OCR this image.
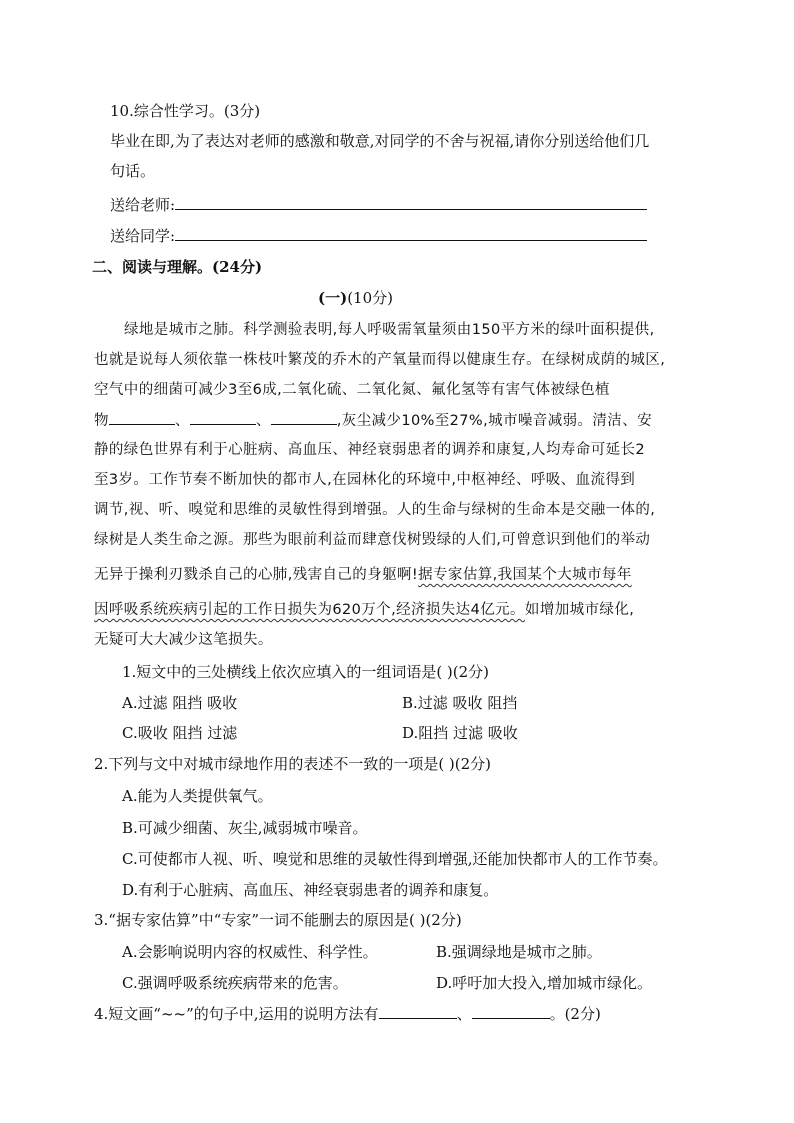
10.综合性学习。(3分)
毕业在即,为了表达对老师的感激和敬意,对同学的不舍与祝福,请你分别送给他们几
句话。
送给老师:
送给同学:
二、阅读与理解。(24分)
(一)(10分)
绿地是城市之肺。科学测验表明,每人呼吸需氧量须由150平方米的绿叶面积提供,
也就是说每人须依靠一株枝叶繁茂的乔木的产氧量而得以健康生存。在绿树成荫的城区,
空气中的细菌可减少3至6成,二氧化硫、二氧化氮、氟化氢等有害气体被绿色植
物	、	、	,灰尘减少10%至27%,城市噪音减弱。清洁、安
静的绿色世界有利于心脏病、高血压、神经衰弱患者的调养和康复,人均寿命可延长2
至3岁。工作节奏不断加快的都市人,在园林化的环境中,中枢神经、呼吸、血流得到
调节,视、听、嗅觉和思维的灵敏性得到增强。人的生命与绿树的生命本是交融一体的,
绿树是人类生命之源。那些为眼前利益而肆意伐树毁绿的人们,可曾意识到他们的举动
无异于操利刃戮杀自己的心肺,残害自己的身躯啊!据专家估算,我国某个大城市每年
因呼吸系统疾病引起的工作日损失为620万个,经济损失达4亿元。如增加城市绿化,
无疑可大大减少这笔损失。
1.短文中的三处横线上依次应填入的一组词语是( )(2分)
A.过滤 阻挡 吸收	B.过滤 吸收 阻挡
C.吸收 阻挡 过滤	D.阻挡 过滤 吸收
2.下列与文中对城市绿地作用的表述不一致的一项是( )(2分)
A.能为人类提供氧气。
B.可减少细菌、灰尘,减弱城市噪音。
C.可使都市人视、听、嗅觉和思维的灵敏性得到增强,还能加快都市人的工作节奏。
D.有利于心脏病、高血压、神经衰弱患者的调养和康复。
3.“据专家估算”中“专家”一词不能删去的原因是( )(2分)
A.会影响说明内容的权威性、科学性。	B.强调绿地是城市之肺。
C.强调呼吸系统疾病带来的危害。	D.呼吁加大投入,增加城市绿化。
4.短文画“~~”的句子中,运用的说明方法有	、	。(2分)
